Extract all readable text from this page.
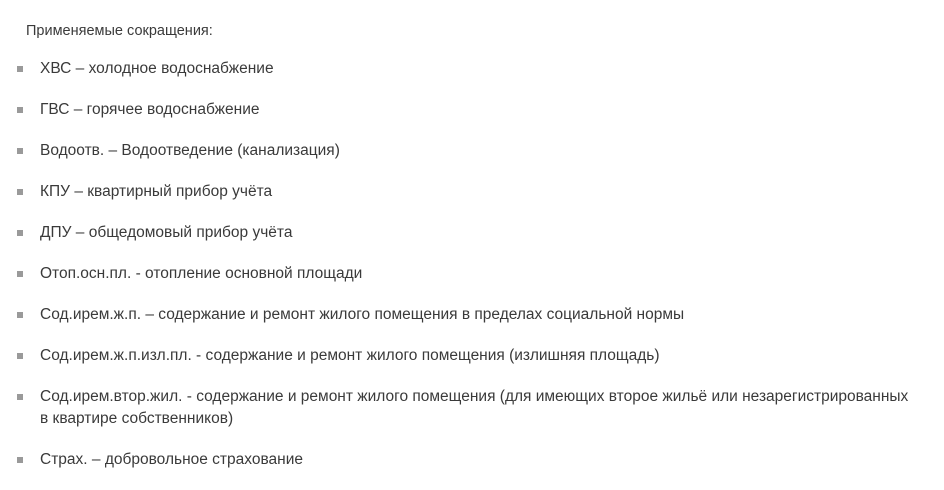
Применяемые сокращения:
ХВС – холодное водоснабжение
ГВС – горячее водоснабжение
Водоотв. – Водоотведение (канализация)
КПУ – квартирный прибор учёта
ДПУ – общедомовый прибор учёта
Отоп.осн.пл. - отопление основной площади
Сод.ирем.ж.п. – содержание и ремонт жилого помещения в пределах социальной нормы
Сод.ирем.ж.п.изл.пл. - содержание и ремонт жилого помещения (излишняя площадь)
Сод.ирем.втор.жил. - содержание и ремонт жилого помещения (для имеющих второе жильё или незарегистрированных в квартире собственников)
Страх. – добровольное страхование
